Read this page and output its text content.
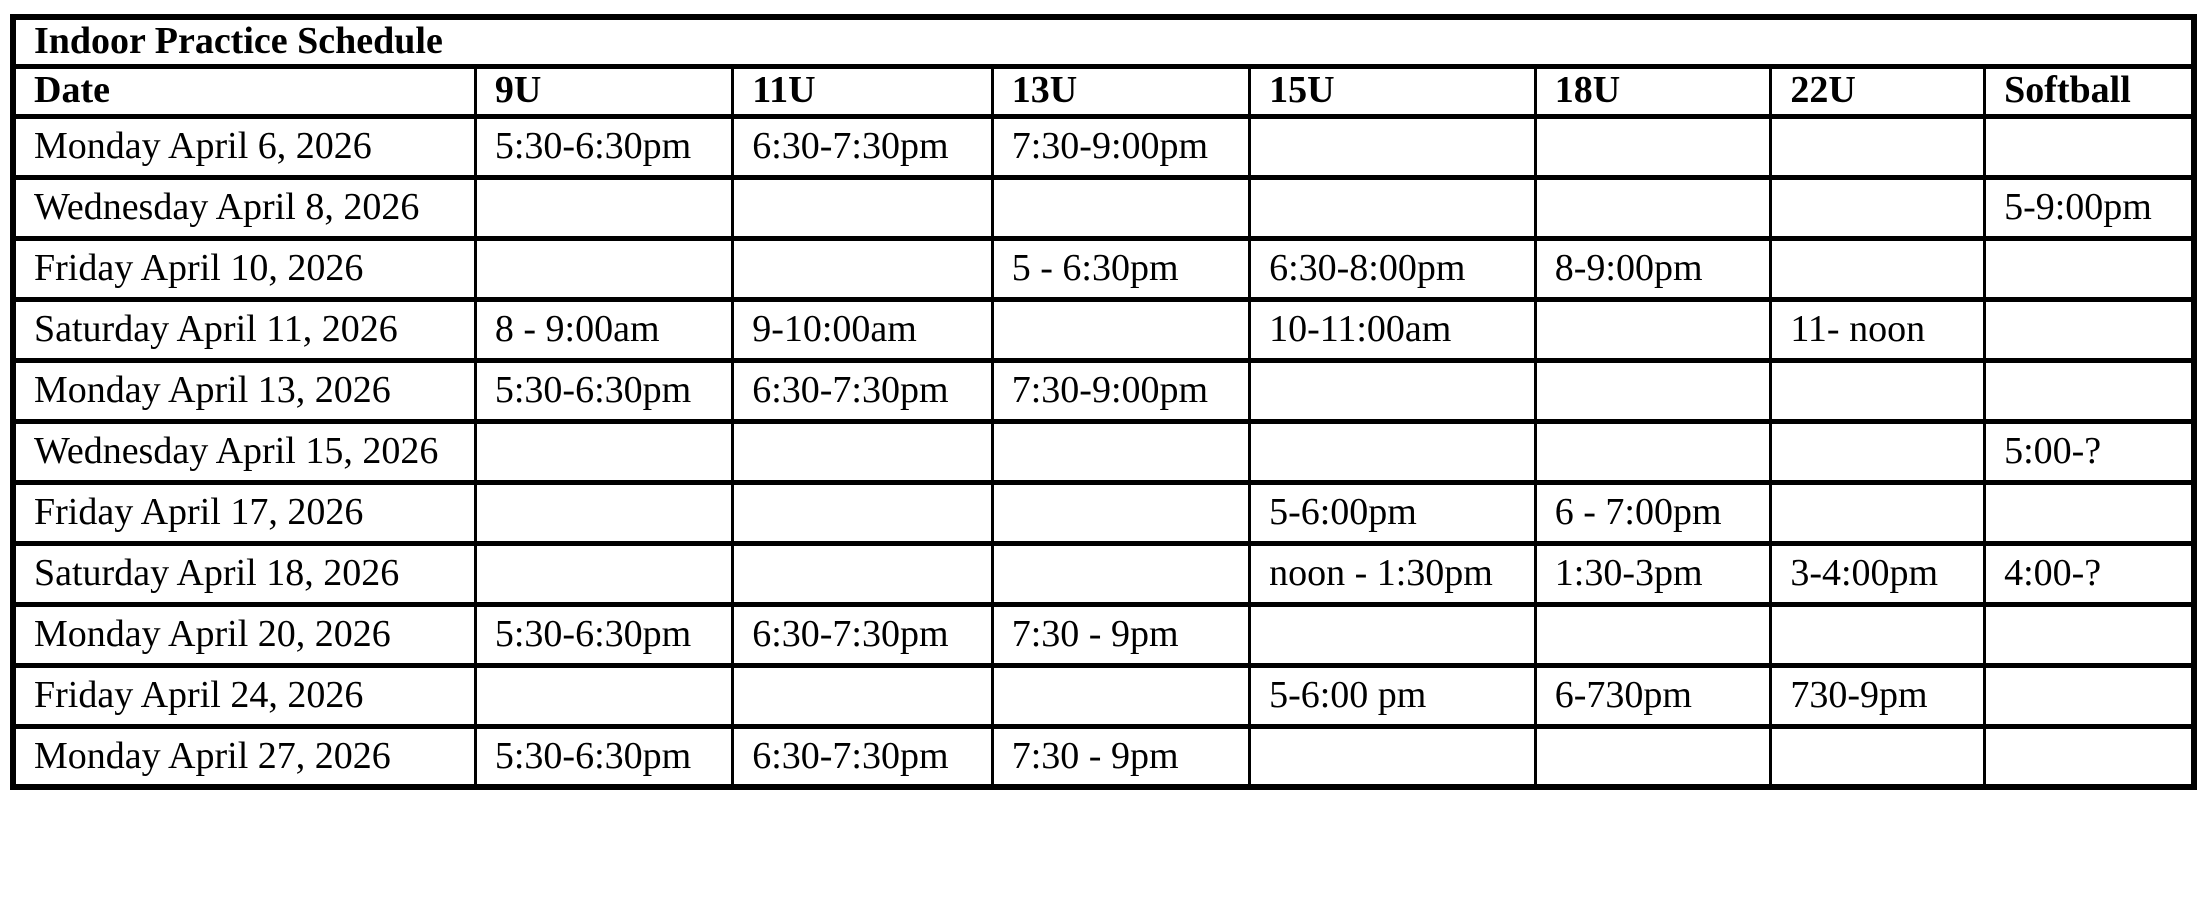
Indoor Practice Schedule							
Date	9U	11U	13U	15U	18U	22U	Softball
Monday April 6, 2026	5:30-6:30pm	6:30-7:30pm	7:30-9:00pm				
Wednesday April 8, 2026							5-9:00pm
Friday April 10, 2026			5 - 6:30pm	6:30-8:00pm	8-9:00pm		
Saturday April 11, 2026	8 - 9:00am	9-10:00am		10-11:00am		11- noon	
Monday April 13, 2026	5:30-6:30pm	6:30-7:30pm	7:30-9:00pm				
Wednesday April 15, 2026							5:00-?
Friday April 17, 2026				5-6:00pm	6 - 7:00pm		
Saturday April 18, 2026				noon - 1:30pm	1:30-3pm	3-4:00pm	4:00-?
Monday April 20, 2026	5:30-6:30pm	6:30-7:30pm	7:30 - 9pm				
Friday April 24, 2026				5-6:00 pm	6-730pm	730-9pm	
Monday April 27, 2026	5:30-6:30pm	6:30-7:30pm	7:30 - 9pm				
